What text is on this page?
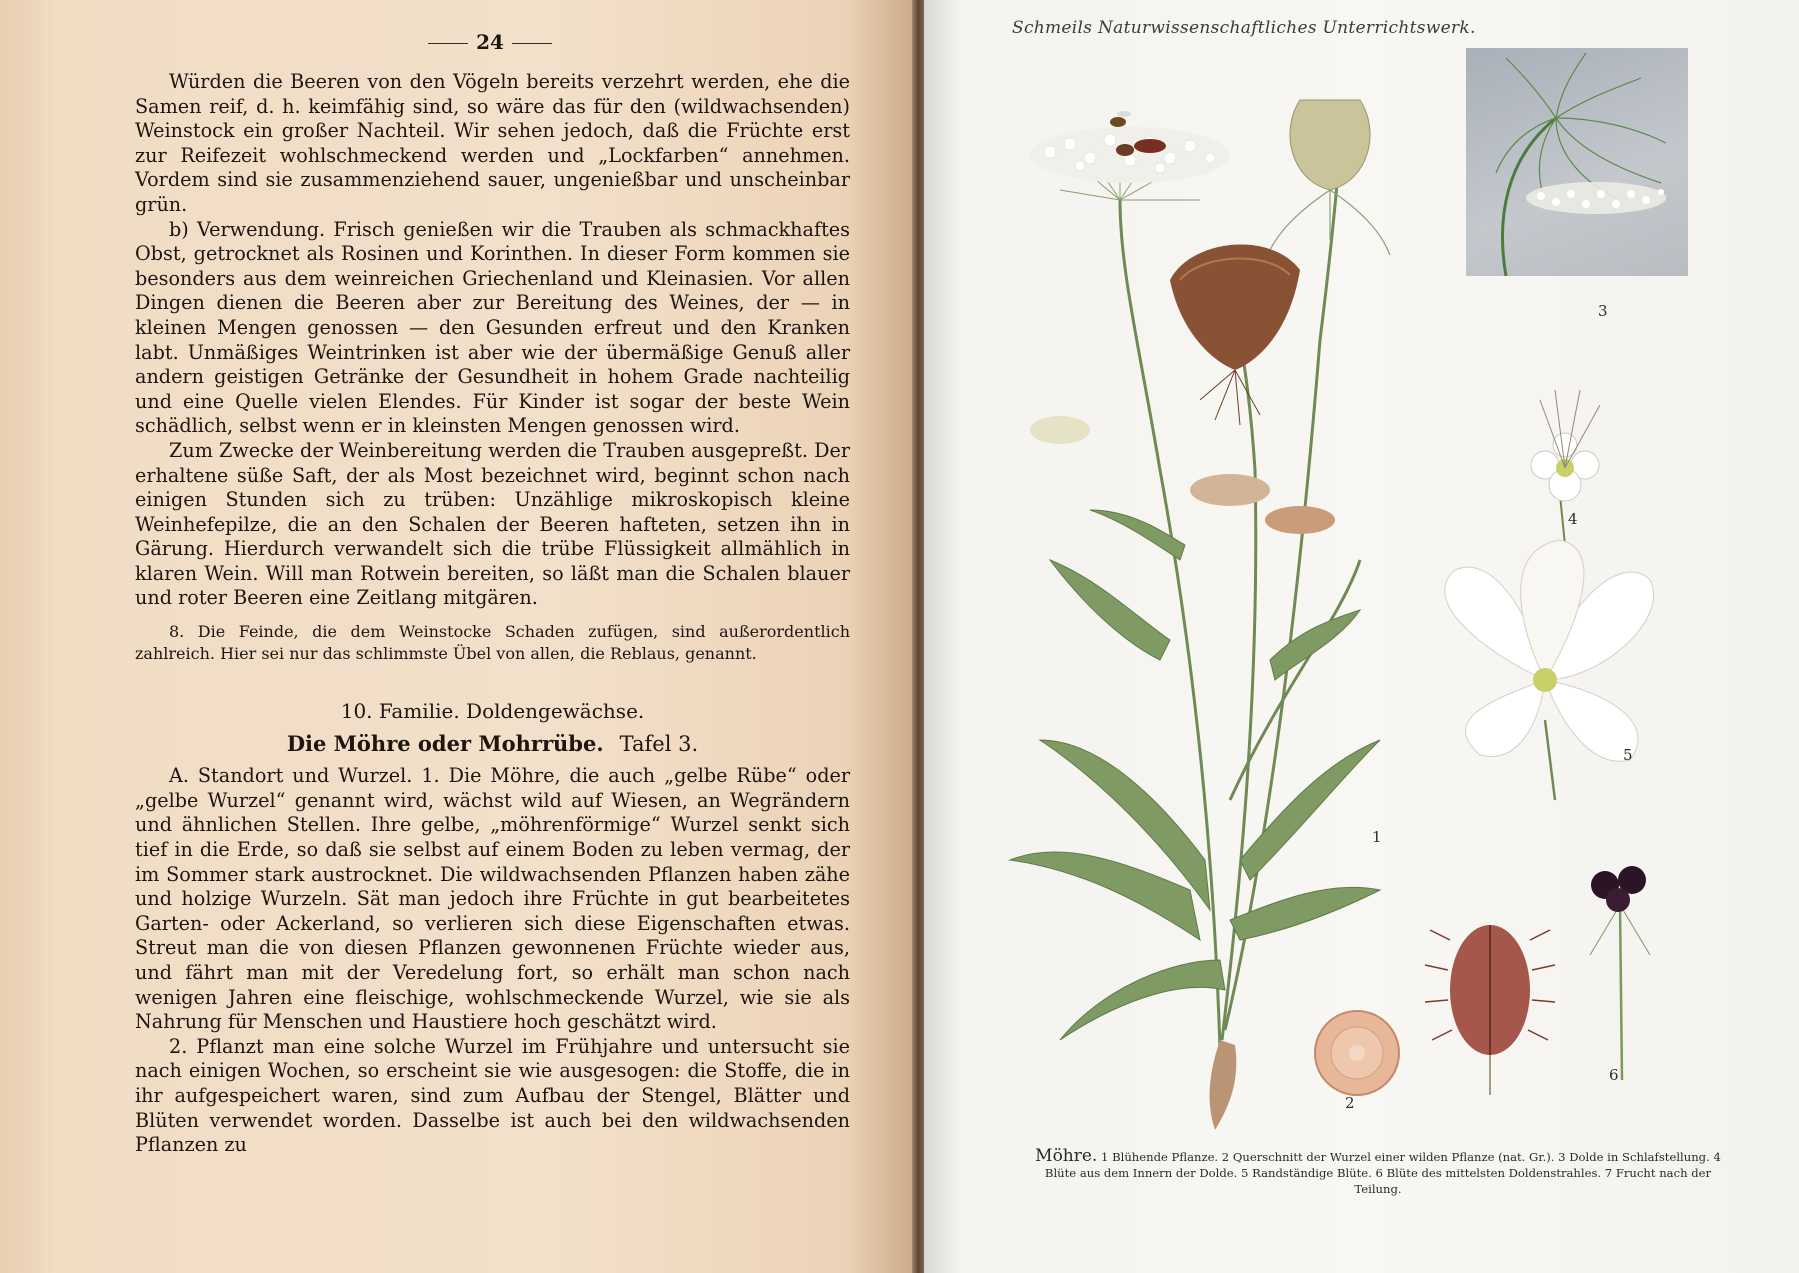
24

Würden die Beeren von den Vögeln bereits verzehrt werden, ehe die Samen reif, d. h. keimfähig sind, so wäre das für den (wildwachsenden) Weinstock ein großer Nachteil. Wir sehen jedoch, daß die Früchte erst zur Reifezeit wohlschmeckend werden und „Lockfarben“ annehmen. Vordem sind sie zusammenziehend sauer, ungenießbar und unscheinbar grün.

b) Verwendung. Frisch genießen wir die Trauben als schmackhaftes Obst, getrocknet als Rosinen und Korinthen. In dieser Form kommen sie besonders aus dem weinreichen Griechenland und Kleinasien. Vor allen Dingen dienen die Beeren aber zur Bereitung des Weines, der — in kleinen Mengen genossen — den Gesunden erfreut und den Kranken labt. Unmäßiges Weintrinken ist aber wie der übermäßige Genuß aller andern geistigen Getränke der Gesundheit in hohem Grade nachteilig und eine Quelle vielen Elendes. Für Kinder ist sogar der beste Wein schädlich, selbst wenn er in kleinsten Mengen genossen wird.

Zum Zwecke der Weinbereitung werden die Trauben ausgepreßt. Der erhaltene süße Saft, der als Most bezeichnet wird, beginnt schon nach einigen Stunden sich zu trüben: Unzählige mikroskopisch kleine Weinhefepilze, die an den Schalen der Beeren hafteten, setzen ihn in Gärung. Hierdurch verwandelt sich die trübe Flüssigkeit allmählich in klaren Wein. Will man Rotwein bereiten, so läßt man die Schalen blauer und roter Beeren eine Zeitlang mitgären.

8. Die Feinde, die dem Weinstocke Schaden zufügen, sind außerordentlich zahlreich. Hier sei nur das schlimmste Übel von allen, die Reblaus, genannt.

10. Familie. Doldengewächse.

Die Möhre oder Mohrrübe. Tafel 3.

A. Standort und Wurzel. 1. Die Möhre, die auch „gelbe Rübe“ oder „gelbe Wurzel“ genannt wird, wächst wild auf Wiesen, an Wegrändern und ähnlichen Stellen. Ihre gelbe, „möhrenförmige“ Wurzel senkt sich tief in die Erde, so daß sie selbst auf einem Boden zu leben vermag, der im Sommer stark austrocknet. Die wildwachsenden Pflanzen haben zähe und holzige Wurzeln. Sät man jedoch ihre Früchte in gut bearbeitetes Garten- oder Ackerland, so verlieren sich diese Eigenschaften etwas. Streut man die von diesen Pflanzen gewonnenen Früchte wieder aus, und fährt man mit der Veredelung fort, so erhält man schon nach wenigen Jahren eine fleischige, wohlschmeckende Wurzel, wie sie als Nahrung für Menschen und Haustiere hoch geschätzt wird.

2. Pflanzt man eine solche Wurzel im Frühjahre und untersucht sie nach einigen Wochen, so erscheint sie wie ausgesogen: die Stoffe, die in ihr aufgespeichert waren, sind zum Aufbau der Stengel, Blätter und Blüten verwendet worden. Dasselbe ist auch bei den wildwachsenden Pflanzen zu

Schmeils Naturwissenschaftliches Unterrichtswerk.
1
2
3
4
5
6
Möhre. 1 Blühende Pflanze. 2 Querschnitt der Wurzel einer wilden Pflanze (nat. Gr.). 3 Dolde in Schlafstellung. 4 Blüte aus dem Innern der Dolde. 5 Randständige Blüte. 6 Blüte des mittelsten Doldenstrahles. 7 Frucht nach der Teilung.
